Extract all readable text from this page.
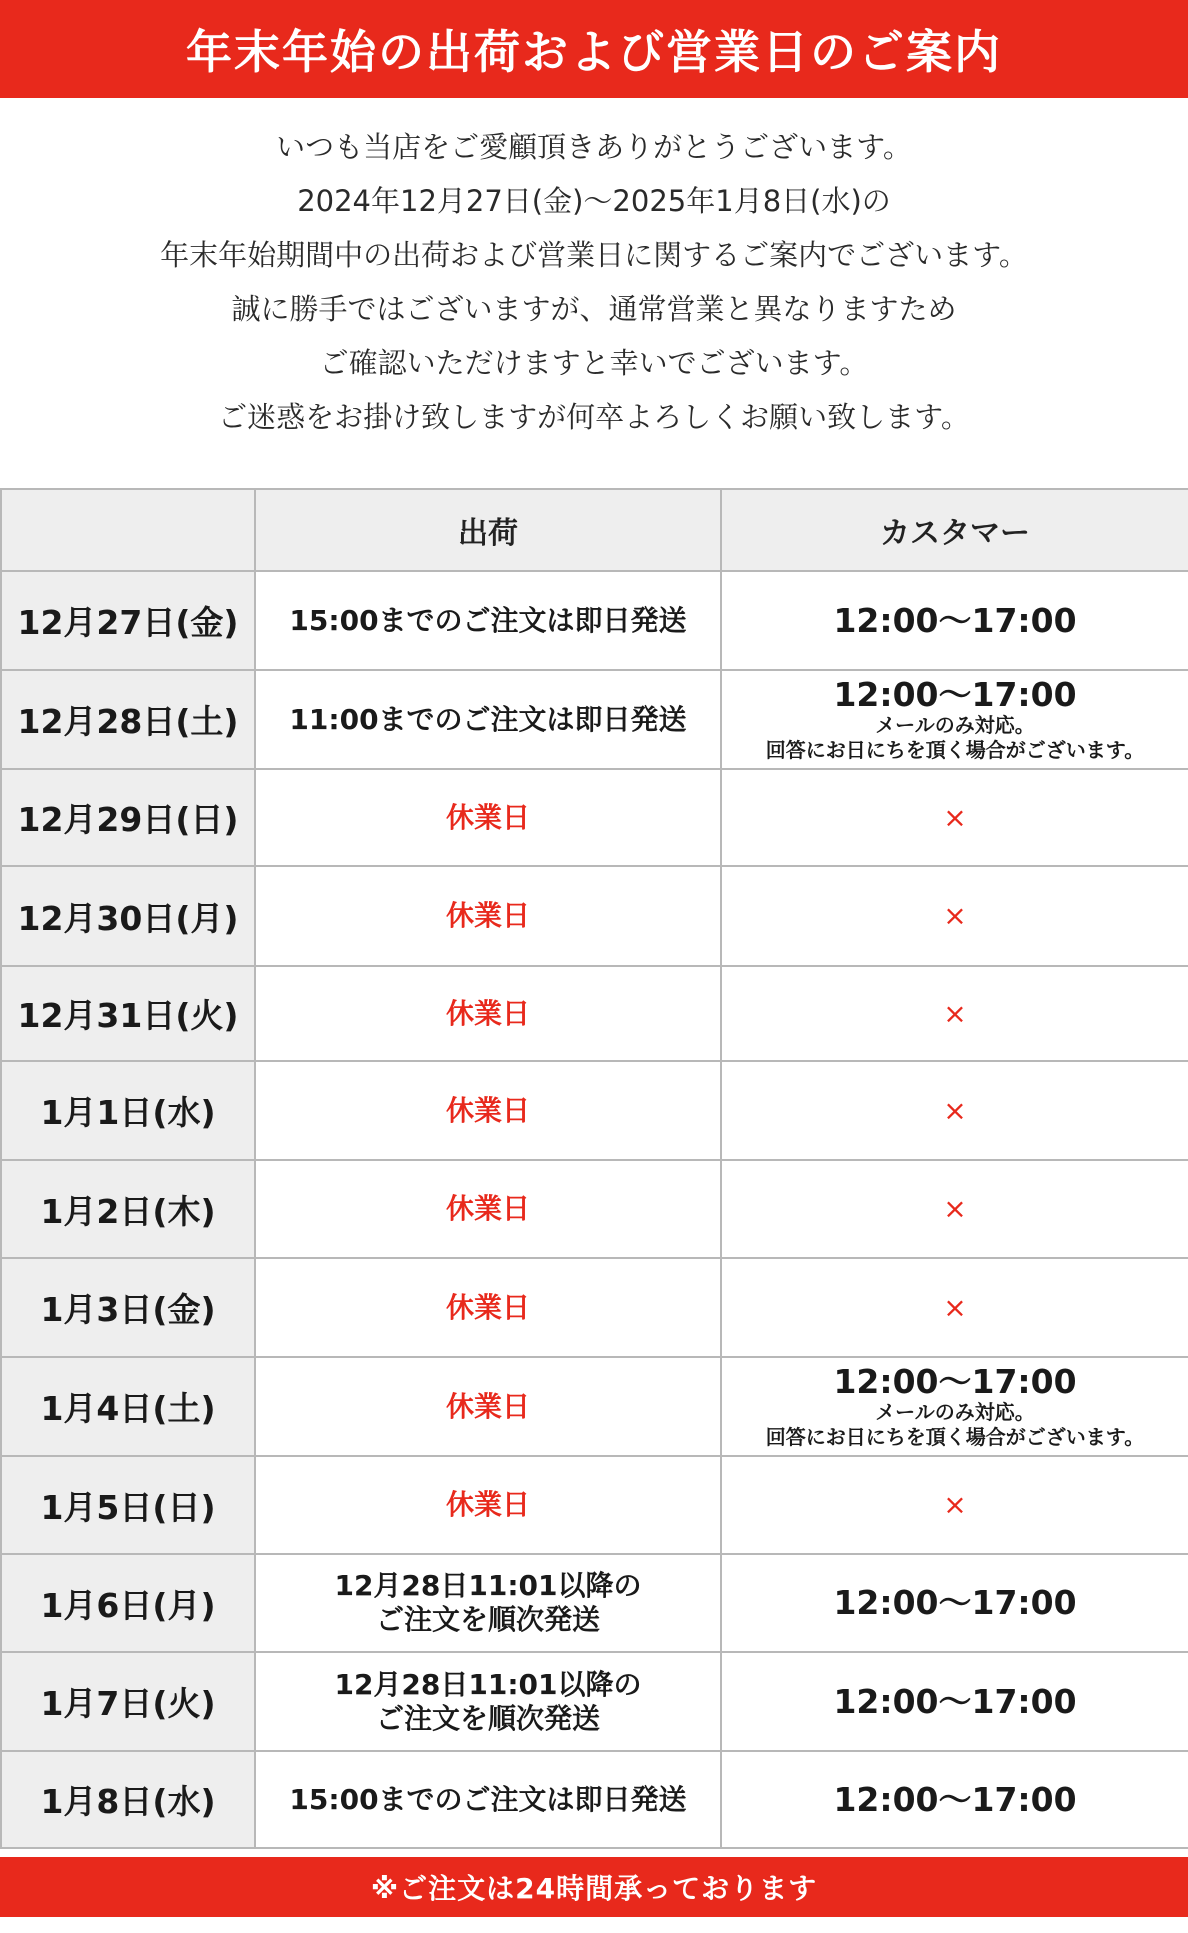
年末年始の出荷および営業日のご案内
いつも当店をご愛顧頂きありがとうございます。
2024年12月27日(金)〜2025年1月8日(水)の
年末年始期間中の出荷および営業日に関するご案内でございます。
誠に勝手ではございますが、通常営業と異なりますため
ご確認いただけますと幸いでございます。
ご迷惑をお掛け致しますが何卒よろしくお願い致します。
	出荷	カスタマー
12月27日(金)	15:00までのご注文は即日発送	12:00〜17:00

12月28日(土)	11:00までのご注文は即日発送	12:00〜17:00
メールのみ対応。
回答にお日にちを頂く場合がございます。

12月29日(日)	休業日	×

12月30日(月)	休業日	×

12月31日(火)	休業日	×

1月1日(水)	休業日	×

1月2日(木)	休業日	×

1月3日(金)	休業日	×

1月4日(土)	休業日	12:00〜17:00
メールのみ対応。
回答にお日にちを頂く場合がございます。

1月5日(日)	休業日	×

1月6日(月)	12月28日11:01以降の
ご注文を順次発送	12:00〜17:00

1月7日(火)	12月28日11:01以降の
ご注文を順次発送	12:00〜17:00

1月8日(水)	15:00までのご注文は即日発送	12:00〜17:00
※ご注文は24時間承っております
